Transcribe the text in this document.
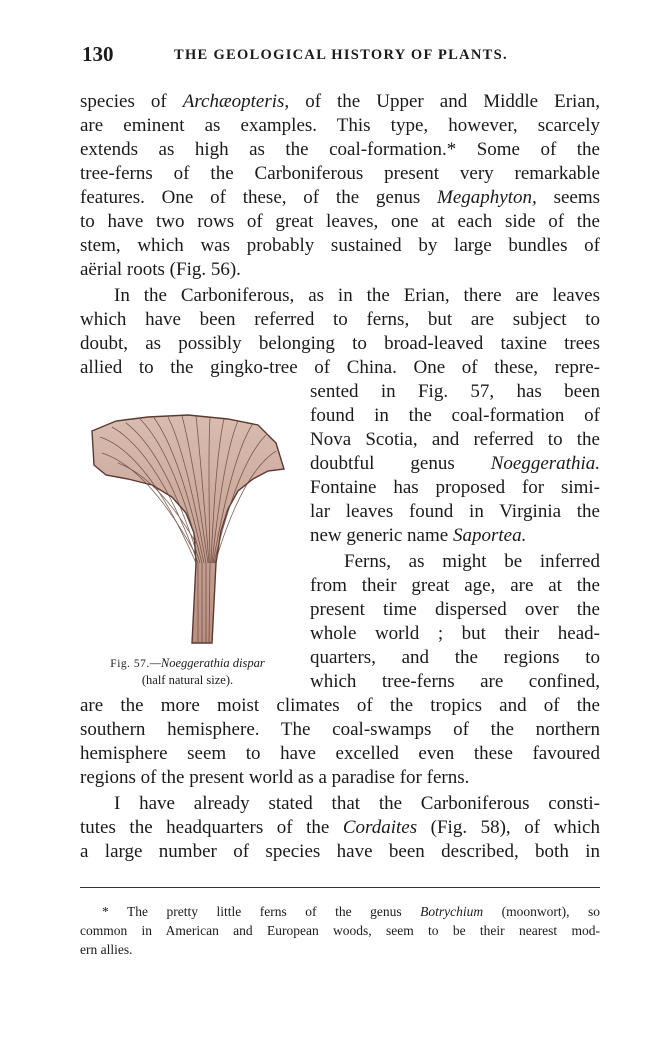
130	THE GEOLOGICAL HISTORY OF PLANTS.
species of Archæopteris, of the Upper and Middle Erian,
are eminent as examples. This type, however, scarcely
extends as high as the coal-formation.* Some of the
tree-ferns of the Carboniferous present very remarkable
features. One of these, of the genus Megaphyton, seems
to have two rows of great leaves, one at each side of the
stem, which was probably sustained by large bundles of
aërial roots (Fig. 56).
In the Carboniferous, as in the Erian, there are leaves
which have been referred to ferns, but are subject to
doubt, as possibly belonging to broad-leaved taxine trees
allied to the gingko-tree of China. One of these, repre-
sented in Fig. 57, has been
found in the coal-formation of
Nova Scotia, and referred to the
doubtful genus Noeggerathia.
Fontaine has proposed for simi-
lar leaves found in Virginia the
new generic name Saportea.
Ferns, as might be inferred
from their great age, are at the
present time dispersed over the
whole world ; but their head-
quarters, and the regions to
which tree-ferns are confined,
are the more moist climates of the tropics and of the
southern hemisphere. The coal-swamps of the northern
hemisphere seem to have excelled even these favoured
regions of the present world as a paradise for ferns.
I have already stated that the Carboniferous consti-
tutes the headquarters of the Cordaites (Fig. 58), of which
a large number of species have been described, both in
Fig. 57.—Noeggerathia dispar
(half natural size).
* The pretty little ferns of the genus Botrychium (moonwort), so
common in American and European woods, seem to be their nearest mod-
ern allies.
